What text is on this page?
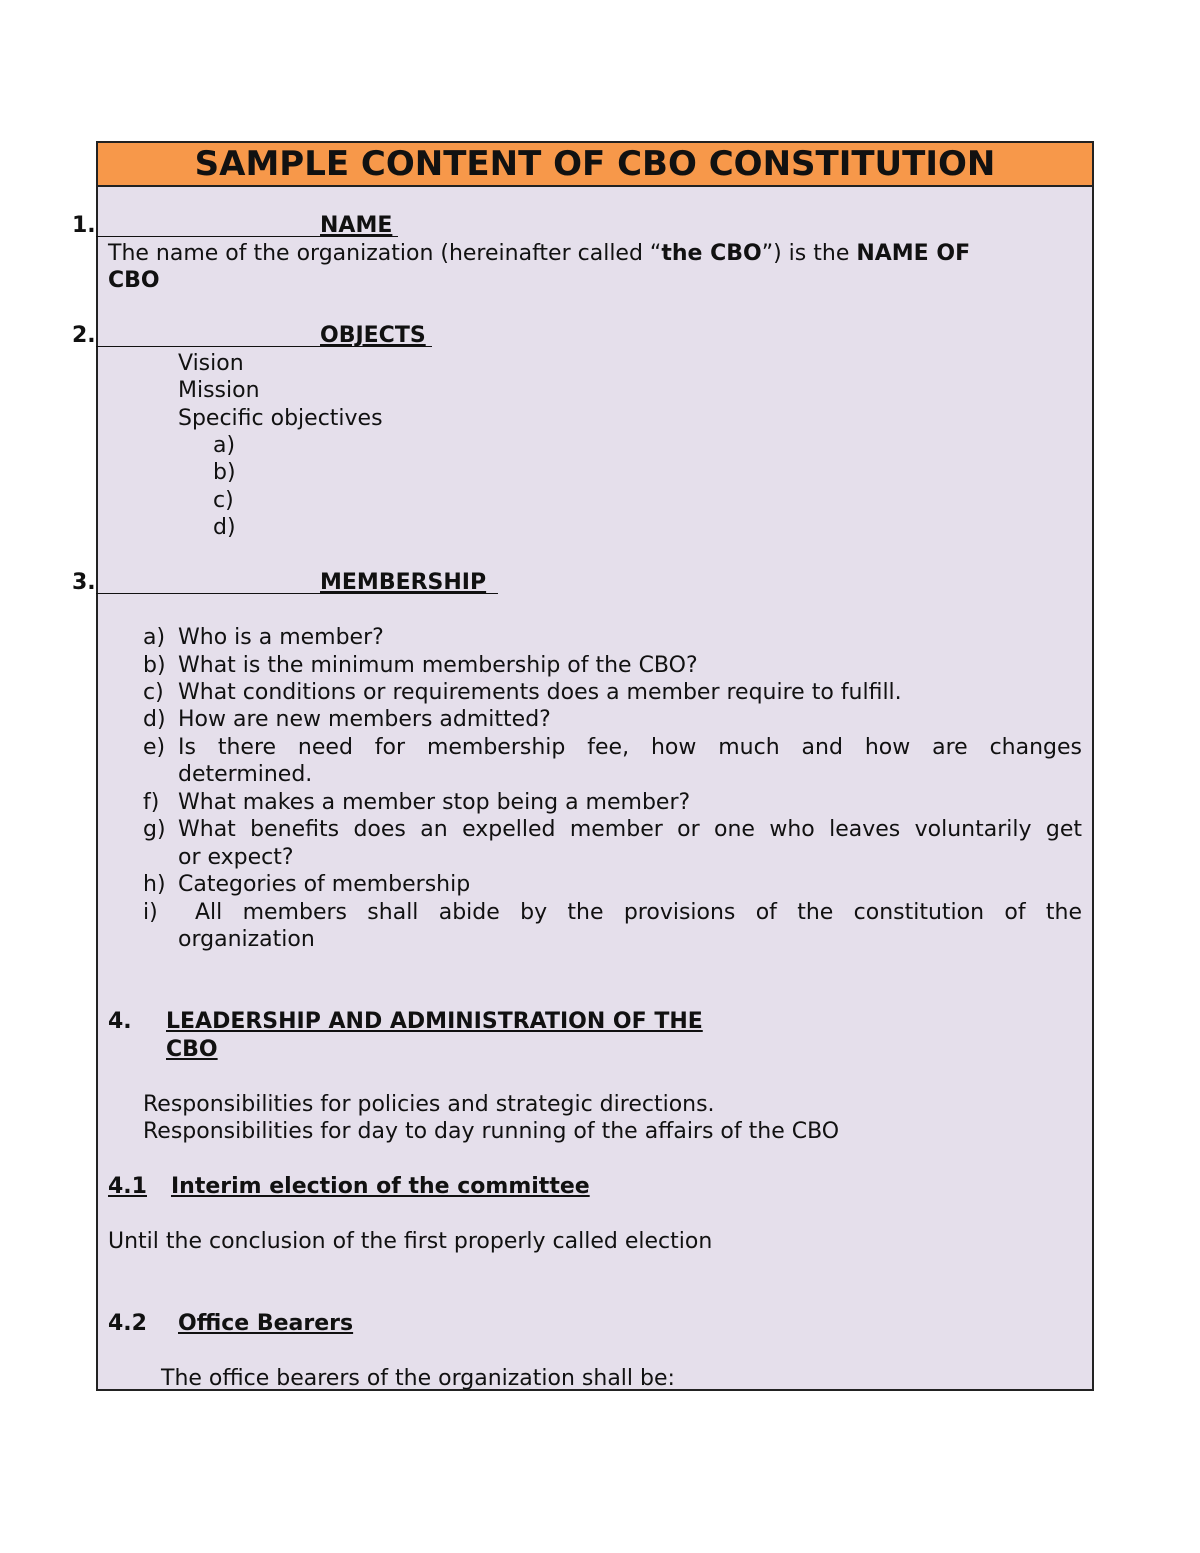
SAMPLE CONTENT OF CBO CONSTITUTION
1.	NAME
The name of the organization (hereinafter called “the CBO”) is the NAME OF
CBO
2.	OBJECTS
Vision
Mission
Specific objectives
a)
b)
c)
d)
3.	MEMBERSHIP
a) Who is a member?
b) What is the minimum membership of the CBO?
c) What conditions or requirements does a member require to fulfill.
d) How are new members admitted?
e) Is there need for membership fee, how much and how are changes
determined.
f) What makes a member stop being a member?
g) What benefits does an expelled member or one who leaves voluntarily get
or expect?
h) Categories of membership
i) All members shall abide by the provisions of the constitution of the
organization
4. LEADERSHIP AND ADMINISTRATION OF THE
CBO
Responsibilities for policies and strategic directions.
Responsibilities for day to day running of the affairs of the CBO
4.1 Interim election of the committee
Until the conclusion of the first properly called election
4.2 Office Bearers
The office bearers of the organization shall be:
